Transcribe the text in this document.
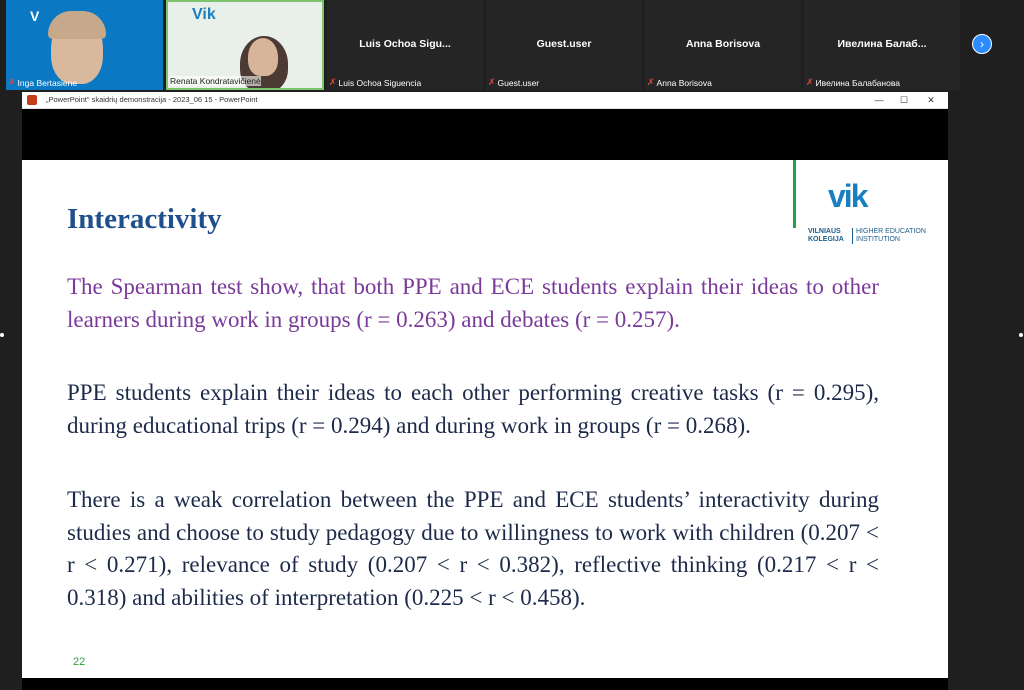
V
✗ Inga Bertasiene
Vik
Renata Kondratavičienė
Luis Ochoa Sigu...
✗ Luis Ochoa Siguencia
Guest.user
✗ Guest.user
Anna Borisova
✗ Anna Borisova
Ивелина Балаб...
✗ Ивелина Балабанова
›
„PowerPoint" skaidrių demonstracija - 2023_06 15 - PowerPoint	—	☐	✕
vik
VILNIAUS
KOLEGIJA
HIGHER EDUCATION
INSTITUTION
Interactivity
The Spearman test show, that both PPE and ECE students explain their ideas to other learners during work in groups (r = 0.263) and debates (r = 0.257).
PPE students explain their ideas to each other performing creative tasks (r = 0.295), during educational trips (r = 0.294) and during work in groups (r = 0.268).
There is a weak correlation between the PPE and ECE students’ interactivity during studies and choose to study pedagogy due to willingness to work with children (0.207 < r < 0.271), relevance of study (0.207 < r < 0.382), reflective thinking (0.217 < r < 0.318) and abilities of interpretation (0.225 < r < 0.458).
22
